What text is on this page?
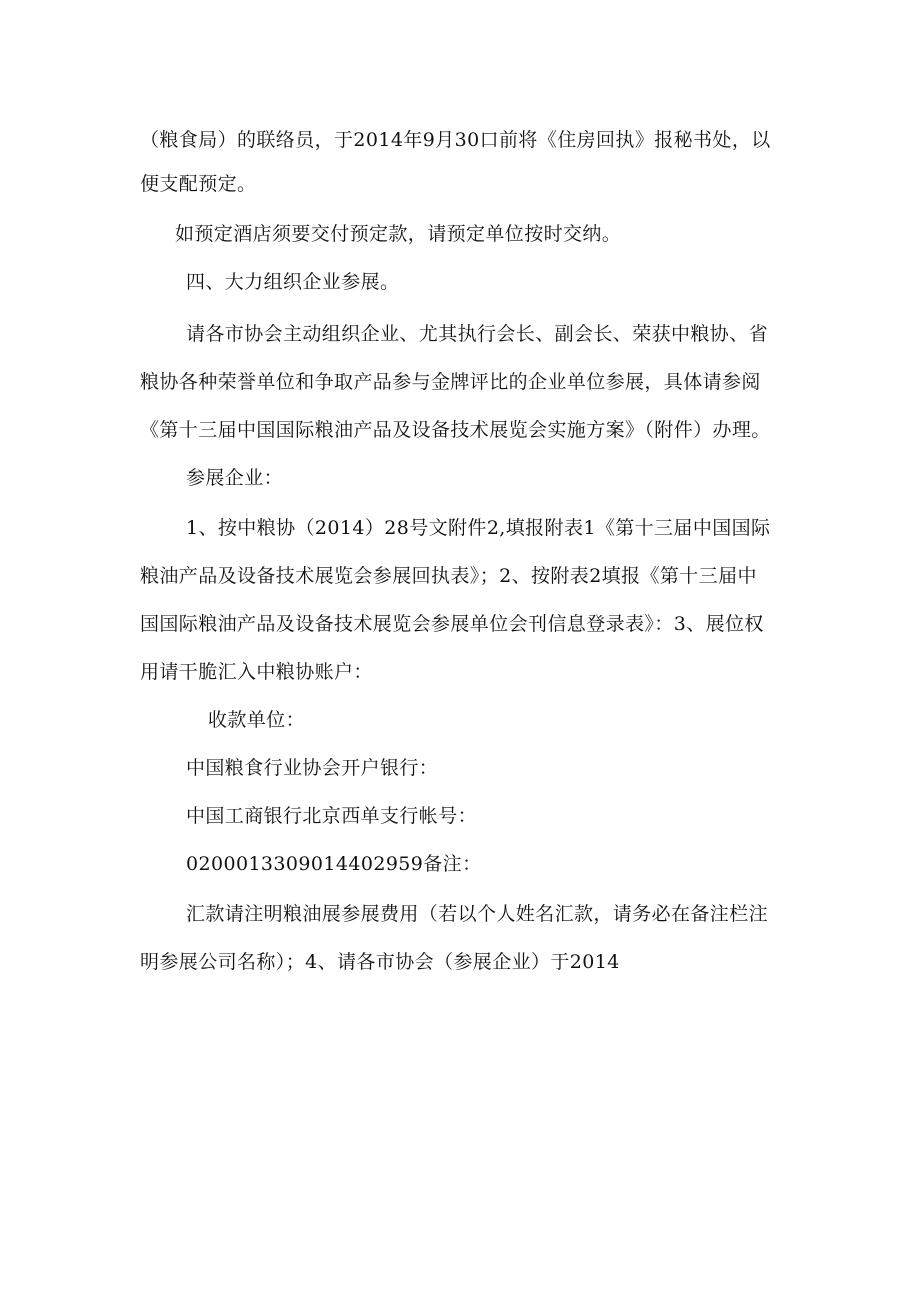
（粮食局）的联络员，于2014年9月30口前将《住房回执》报秘书处，以
便支配预定。
如预定酒店须要交付预定款，请预定单位按时交纳。
四、大力组织企业参展。
请各市协会主动组织企业、尤其执行会长、副会长、荣获中粮协、省
粮协各种荣誉单位和争取产品参与金牌评比的企业单位参展，具体请参阅
《第十三届中国国际粮油产品及设备技术展览会实施方案》（附件）办理。
参展企业：
1、按中粮协（2014）28号文附件2,填报附表1《第十三届中国国际
粮油产品及设备技术展览会参展回执表》；2、按附表2填报《第十三届中
国国际粮油产品及设备技术展览会参展单位会刊信息登录表》：3、展位权
用请干脆汇入中粮协账户：
收款单位：
中国粮食行业协会开户银行：
中国工商银行北京西单支行帐号：
0200013309014402959备注：
汇款请注明粮油展参展费用（若以个人姓名汇款，请务必在备注栏注
明参展公司名称）；4、请各市协会（参展企业）于2014
